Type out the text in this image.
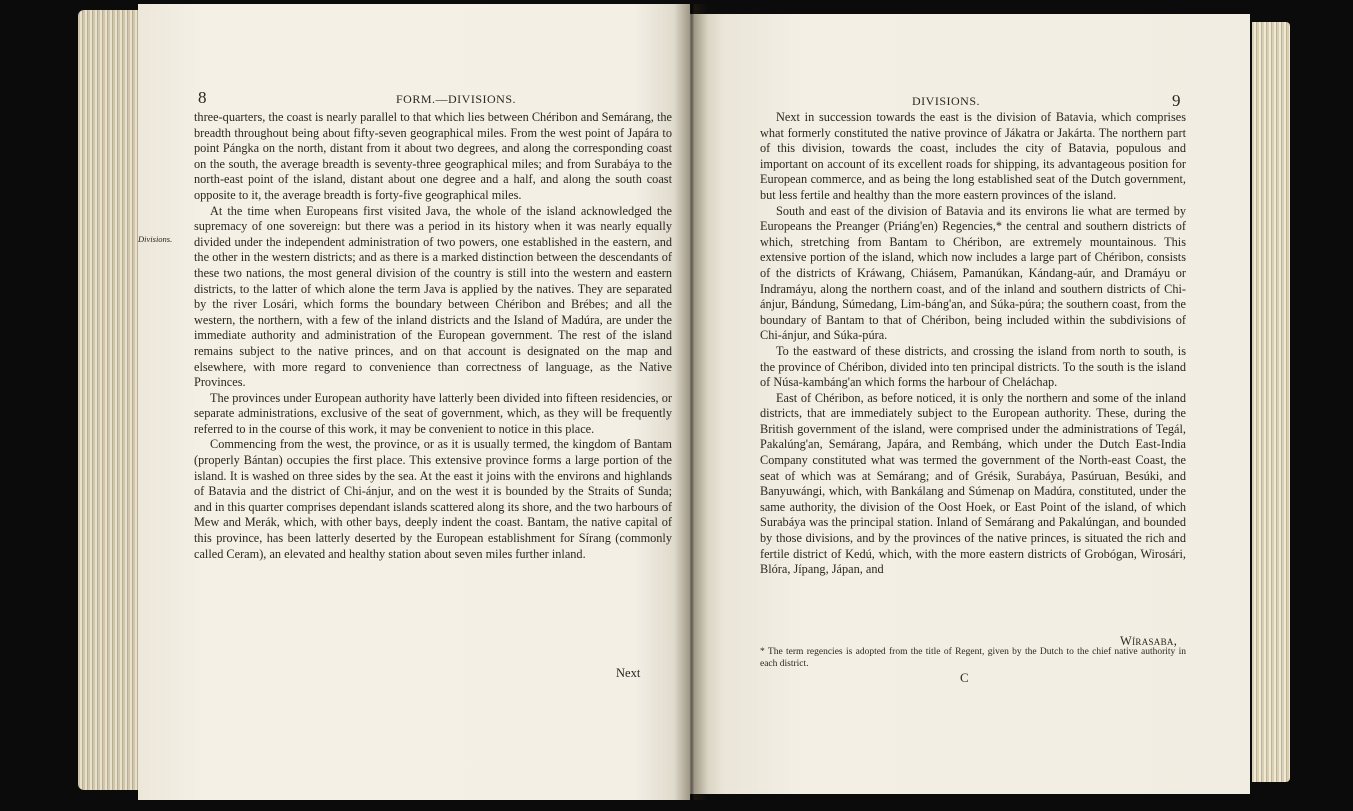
8	FORM.—DIVISIONS.
Divisions.

three-quarters, the coast is nearly parallel to that which lies between Chéribon and Semárang, the breadth throughout being about fifty-seven geographical miles. From the west point of Japára to point Pángka on the north, distant from it about two degrees, and along the corresponding coast on the south, the average breadth is seventy-three geographical miles; and from Surabáya to the north-east point of the island, distant about one degree and a half, and along the south coast opposite to it, the average breadth is forty-five geographical miles.

At the time when Europeans first visited Java, the whole of the island acknowledged the supremacy of one sovereign: but there was a period in its history when it was nearly equally divided under the independent administration of two powers, one established in the eastern, and the other in the western districts; and as there is a marked distinction between the descendants of these two nations, the most general division of the country is still into the western and eastern districts, to the latter of which alone the term Java is applied by the natives. They are separated by the river Losári, which forms the boundary between Chéribon and Brébes; and all the western, the northern, with a few of the inland districts and the Island of Madúra, are under the immediate authority and administration of the European government. The rest of the island remains subject to the native princes, and on that account is designated on the map and elsewhere, with more regard to convenience than correctness of language, as the Native Provinces.

The provinces under European authority have latterly been divided into fifteen residencies, or separate administrations, exclusive of the seat of government, which, as they will be frequently referred to in the course of this work, it may be convenient to notice in this place.

Commencing from the west, the province, or as it is usually termed, the kingdom of Bantam (properly Bántan) occupies the first place. This extensive province forms a large portion of the island. It is washed on three sides by the sea. At the east it joins with the environs and highlands of Batavia and the district of Chi-ánjur, and on the west it is bounded by the Straits of Sunda; and in this quarter comprises dependant islands scattered along its shore, and the two harbours of Mew and Merák, which, with other bays, deeply indent the coast. Bantam, the native capital of this province, has been latterly deserted by the European establishment for Sírang (commonly called Ceram), an elevated and healthy station about seven miles further inland.

Next
DIVISIONS.	9

Next in succession towards the east is the division of Batavia, which comprises what formerly constituted the native province of Jákatra or Jakárta. The northern part of this division, towards the coast, includes the city of Batavia, populous and important on account of its excellent roads for shipping, its advantageous position for European commerce, and as being the long established seat of the Dutch government, but less fertile and healthy than the more eastern provinces of the island.

South and east of the division of Batavia and its environs lie what are termed by Europeans the Preanger (Priáng'en) Regencies,* the central and southern districts of which, stretching from Bantam to Chéribon, are extremely mountainous. This extensive portion of the island, which now includes a large part of Chéribon, consists of the districts of Kráwang, Chiásem, Pamanúkan, Kándang-aúr, and Dramáyu or Indramáyu, along the northern coast, and of the inland and southern districts of Chi-ánjur, Bándung, Súmedang, Lim-báng'an, and Súka-púra; the southern coast, from the boundary of Bantam to that of Chéribon, being included within the subdivisions of Chi-ánjur, and Súka-púra.

To the eastward of these districts, and crossing the island from north to south, is the province of Chéribon, divided into ten principal districts. To the south is the island of Núsa-kambáng'an which forms the harbour of Cheláchap.

East of Chéribon, as before noticed, it is only the northern and some of the inland districts, that are immediately subject to the European authority. These, during the British government of the island, were comprised under the administrations of Tegál, Pakalúng'an, Semárang, Japára, and Rembáng, which under the Dutch East-India Company constituted what was termed the government of the North-east Coast, the seat of which was at Semárang; and of Grésik, Surabáya, Pasúruan, Besúki, and Banyuwángi, which, with Bankálang and Súmenap on Madúra, constituted, under the same authority, the division of the Oost Hoek, or East Point of the island, of which Surabáya was the principal station. Inland of Semárang and Pakalúngan, and bounded by those divisions, and by the provinces of the native princes, is situated the rich and fertile district of Kedú, which, with the more eastern districts of Grobógan, Wirosári, Blóra, Jípang, Jápan, and

Wírasaba,
* The term regencies is adopted from the title of Regent, given by the Dutch to the chief native authority in each district.
C
